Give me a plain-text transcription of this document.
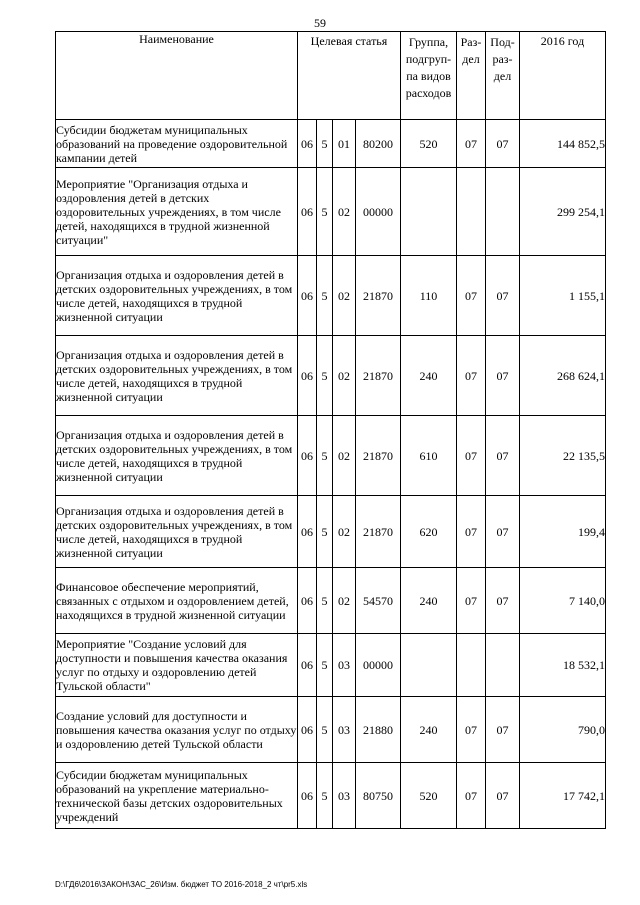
59
Наименование	Целевая статья				Группа, подгруп-па видов расходов	Раз-дел	Под-раз-дел	2016 год
Субсидии бюджетам муниципальных образований на проведение оздоровительной кампании детей	06	5	01	80200	520	07	07	144 852,5
Мероприятие "Организация отдыха и оздоровления детей в детских оздоровительных учреждениях, в том числе детей, находящихся в трудной жизненной ситуации"	06	5	02	00000				299 254,1
Организация отдыха и оздоровления детей в детских оздоровительных учреждениях, в том числе детей, находящихся в трудной жизненной ситуации	06	5	02	21870	110	07	07	1 155,1
Организация отдыха и оздоровления детей в детских оздоровительных учреждениях, в том числе детей, находящихся в трудной жизненной ситуации	06	5	02	21870	240	07	07	268 624,1
Организация отдыха и оздоровления детей в детских оздоровительных учреждениях, в том числе детей, находящихся в трудной жизненной ситуации	06	5	02	21870	610	07	07	22 135,5
Организация отдыха и оздоровления детей в детских оздоровительных учреждениях, в том числе детей, находящихся в трудной жизненной ситуации	06	5	02	21870	620	07	07	199,4
Финансовое обеспечение мероприятий, связанных с отдыхом и оздоровлением детей, находящихся в трудной жизненной ситуации	06	5	02	54570	240	07	07	7 140,0
Мероприятие "Создание условий для доступности и повышения качества оказания услуг по отдыху и оздоровлению детей Тульской области"	06	5	03	00000				18 532,1
Создание условий для доступности и повышения качества оказания услуг по отдыху и оздоровлению детей Тульской области	06	5	03	21880	240	07	07	790,0
Субсидии бюджетам муниципальных образований на укрепление материально-технической базы детских оздоровительных учреждений	06	5	03	80750	520	07	07	17 742,1
D:\ГД6\2016\ЗАКОН\ЗАС_26\Изм. бюджет ТО 2016-2018_2 чт\pr5.xls
